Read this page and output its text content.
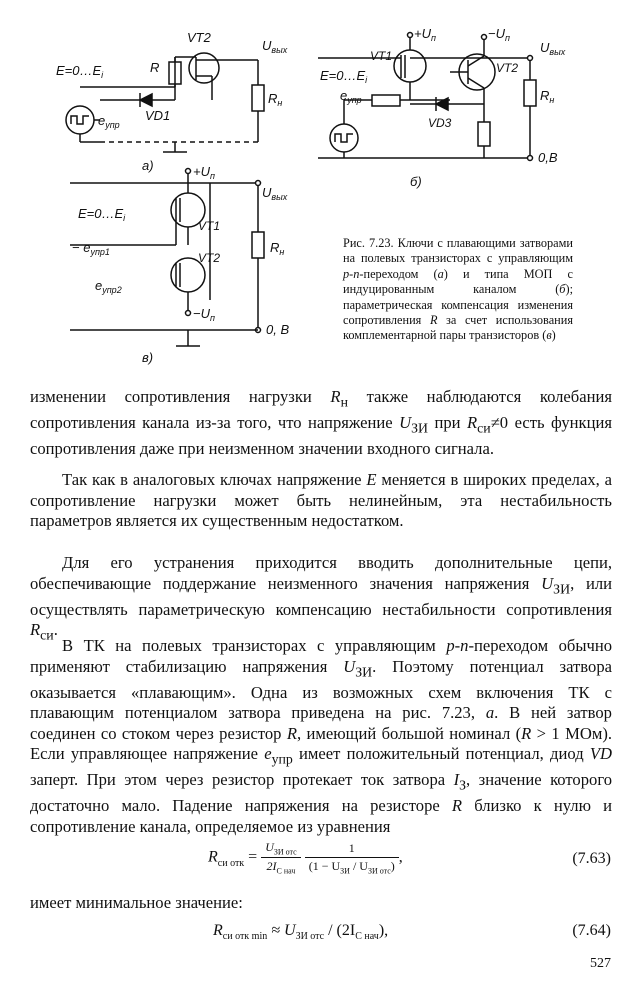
VT2
R
$E=0\dots E_i$
$U_{вых}$
$R_н$
VD1
$e_{упр}$
а)
$+U_п$	$-U_п$
VT1
VT2
$U_{вых}$
$E=0\dots E_i$
$e_{упр}$	$R_н$
VD3
0,В
б)
$+U_п$
$U_{вых}$
$E=0\dots E_i$
VT1
− $e_{упр1}$	$R_н$
VT2
$e_{упр2}$
$-U_п$
0, В
в)
Рис. 7.23. Ключи с плавающими затворами на полевых транзисторах с управляющим p-n-переходом (а) и типа МОП с индуцированным каналом (б); параметрическая компенсация изменения сопротивления R за счет использования комплементарной пары транзисторов (в)

изменении сопротивления нагрузки $R_н$ также наблюдаются колебания сопротивления канала из-за того, что напряжение $U_{ЗИ}$ при $R_{си}\ne 0$ есть функция сопротивления даже при неизменном значении входного сигнала.

Так как в аналоговых ключах напряжение E меняется в широких пределах, а сопротивление нагрузки может быть нелинейным, эта нестабильность параметров является их существенным недостатком.

Для его устранения приходится вводить дополнительные цепи, обеспечивающие поддержание неизменного значения напряжения $U_{ЗИ}$, или осуществлять параметрическую компенсацию нестабильности сопротивления $R_{си}$.

В ТК на полевых транзисторах с управляющим p-n-переходом обычно применяют стабилизацию напряжения $U_{ЗИ}$. Поэтому потенциал затвора оказывается «плавающим». Одна из возможных схем включения ТК с плавающим потенциалом затвора приведена на рис. 7.23, а. В ней затвор соединен со стоком через резистор R, имеющий большой номинал (R > 1 МОм). Если управляющее напряжение $e_{упр}$ имеет положительный потенциал, диод VD заперт. При этом через резистор протекает ток затвора $I_З$, значение которого достаточно мало. Падение напряжения на резисторе R близко к нулю и сопротивление канала, определяемое из уравнения

$R_{си отк} = \frac{U_{ЗИ отс}}{2I_{С нач}}$
$\frac{1}{(1 - U_{ЗИ} / U_{ЗИ отс})}$ ,	(7.63)

имеет минимальное значение:

$R_{си отк min} \approx U_{ЗИ отс} / (2I_{С нач})$,	(7.64)
527
